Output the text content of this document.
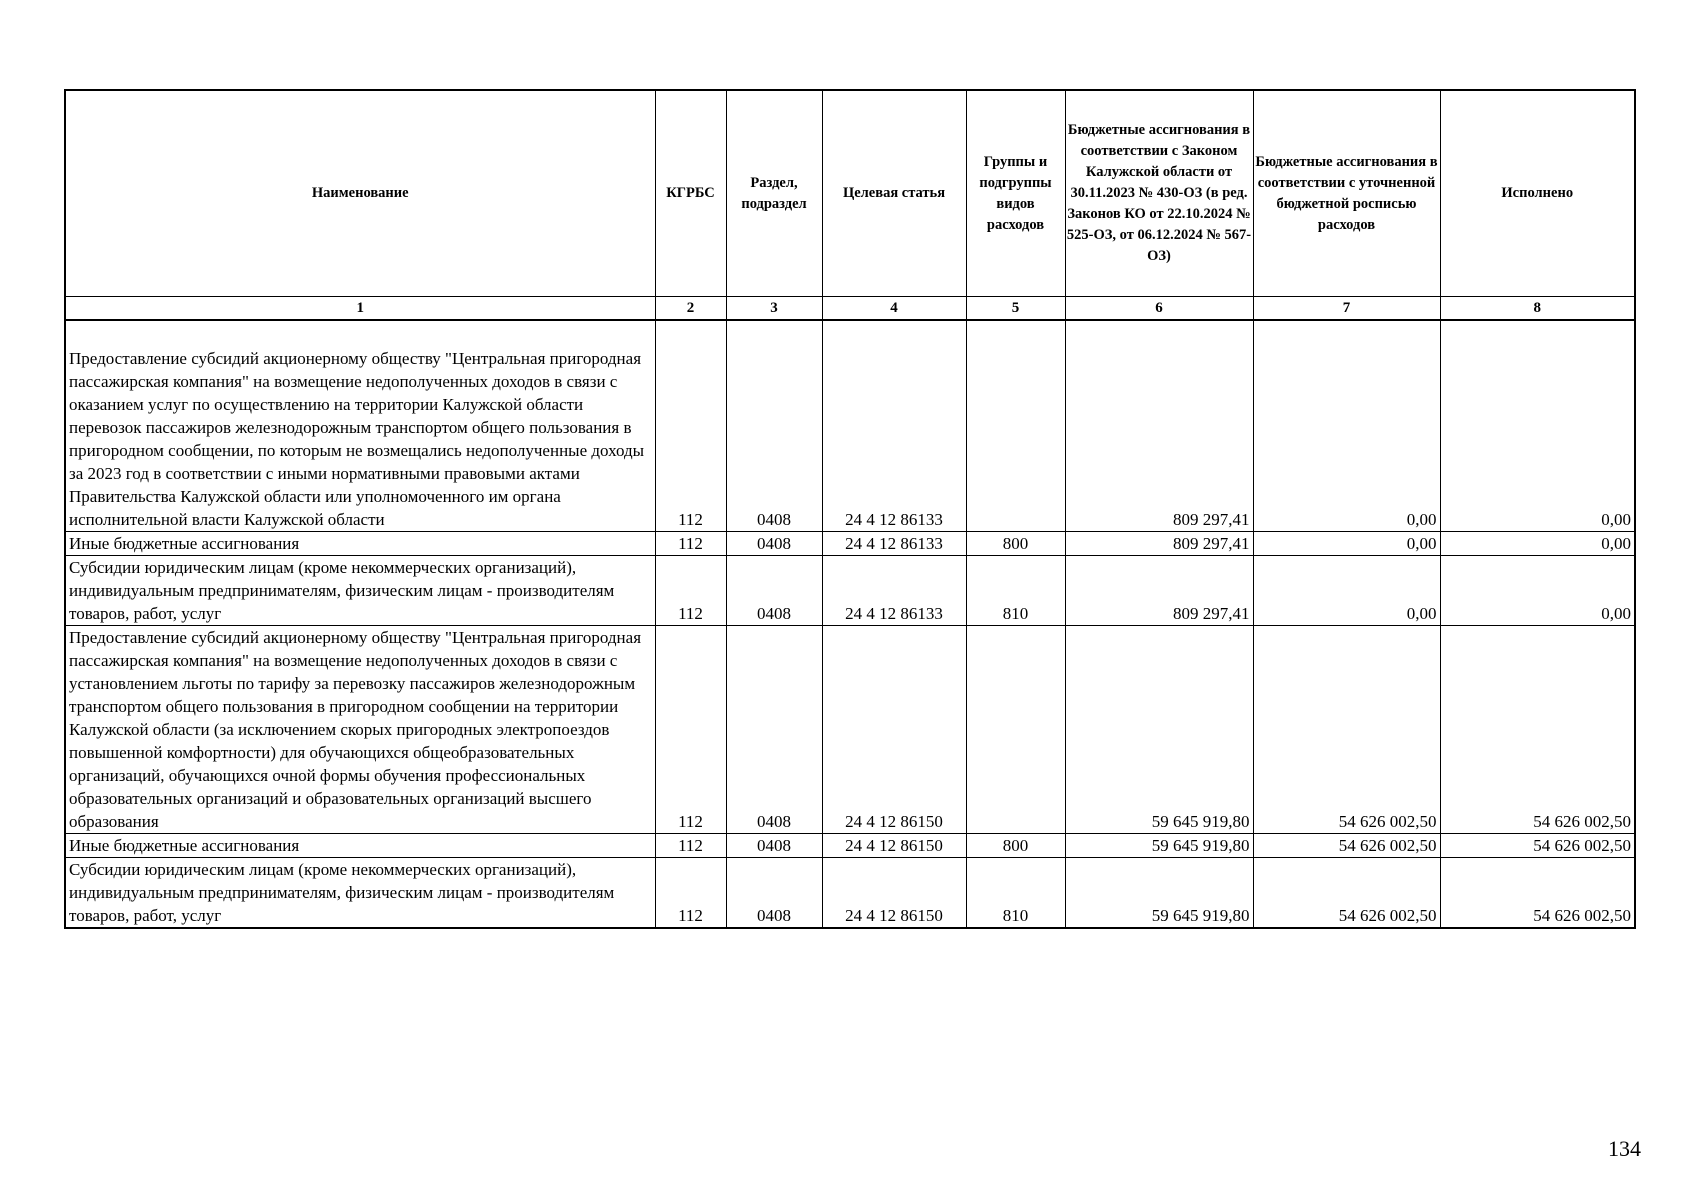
Наименование	КГРБС	Раздел, подраздел	Целевая статья	Группы и подгруппы видов расходов	Бюджетные ассигнования в соответствии с Законом Калужской области от 30.11.2023 № 430-ОЗ (в ред. Законов КО от 22.10.2024 № 525-ОЗ, от 06.12.2024 № 567-ОЗ)	Бюджетные ассигнования в соответствии с уточненной бюджетной росписью расходов	Исполнено
1	2	3	4	5	6	7	8
Предоставление субсидий акционерному обществу "Центральная пригородная пассажирская компания" на возмещение недополученных доходов в связи с оказанием услуг по осуществлению на территории Калужской области перевозок пассажиров железнодорожным транспортом общего пользования в пригородном сообщении, по которым не возмещались недополученные доходы за 2023 год в соответствии с иными нормативными правовыми актами Правительства Калужской области или уполномоченного им органа исполнительной власти Калужской области	112	0408	24 4 12 86133		809 297,41	0,00	0,00
Иные бюджетные ассигнования	112	0408	24 4 12 86133	800	809 297,41	0,00	0,00
Субсидии юридическим лицам (кроме некоммерческих организаций), индивидуальным предпринимателям, физическим лицам - производителям товаров, работ, услуг	112	0408	24 4 12 86133	810	809 297,41	0,00	0,00
Предоставление субсидий акционерному обществу "Центральная пригородная пассажирская компания" на возмещение недополученных доходов в связи с установлением льготы по тарифу за перевозку пассажиров железнодорожным транспортом общего пользования в пригородном сообщении на территории Калужской области (за исключением скорых пригородных электропоездов повышенной комфортности) для обучающихся общеобразовательных организаций, обучающихся очной формы обучения профессиональных образовательных организаций и образовательных организаций высшего образования	112	0408	24 4 12 86150		59 645 919,80	54 626 002,50	54 626 002,50
Иные бюджетные ассигнования	112	0408	24 4 12 86150	800	59 645 919,80	54 626 002,50	54 626 002,50
Субсидии юридическим лицам (кроме некоммерческих организаций), индивидуальным предпринимателям, физическим лицам - производителям товаров, работ, услуг	112	0408	24 4 12 86150	810	59 645 919,80	54 626 002,50	54 626 002,50
134
